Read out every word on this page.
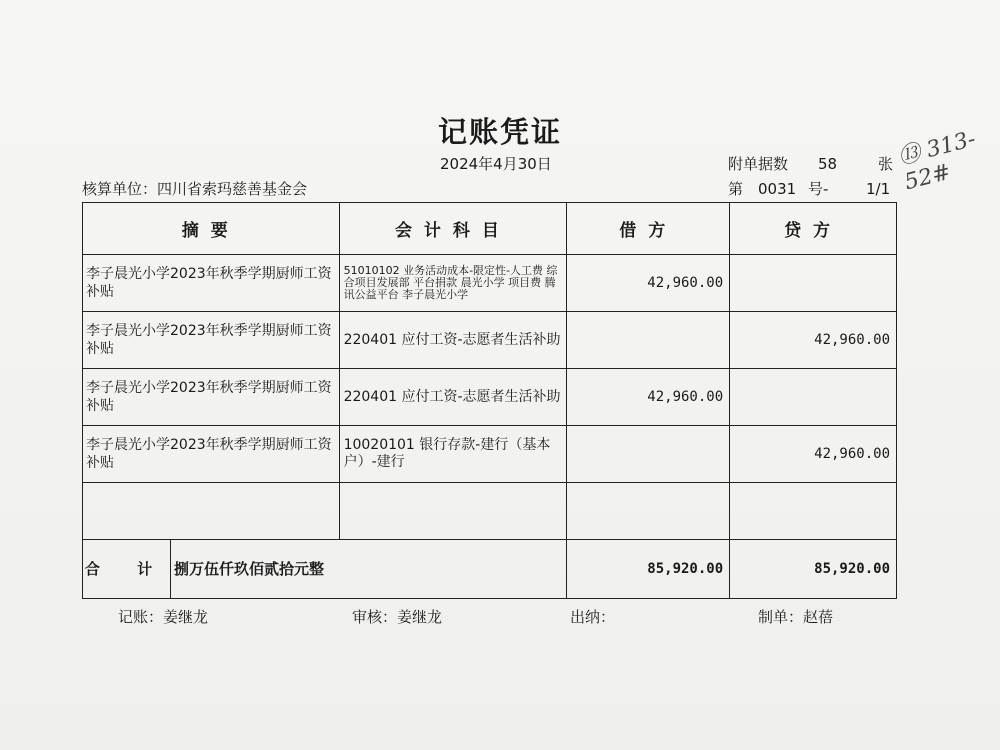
记账凭证
2024年4月30日	附单据数 58	张 ⑬ 313-52#
核算单位：四川省索玛慈善基金会	第 0031 号-	1/1
摘要	会计科目	借方	贷方
李子晨光小学2023年秋季学期厨师工资补贴	51010102 业务活动成本-限定性-人工费 综合项目发展部 平台捐款 晨光小学 项目费 腾讯公益平台 李子晨光小学	42,960.00	
李子晨光小学2023年秋季学期厨师工资补贴	220401 应付工资-志愿者生活补助		42,960.00
李子晨光小学2023年秋季学期厨师工资补贴	220401 应付工资-志愿者生活补助	42,960.00	
李子晨光小学2023年秋季学期厨师工资补贴	10020101 银行存款-建行（基本户）-建行		42,960.00

合 计 捌万伍仟玖佰贰拾元整		85,920.00	85,920.00
记账：姜继龙	审核：姜继龙	出纳：	制单：赵蓓
